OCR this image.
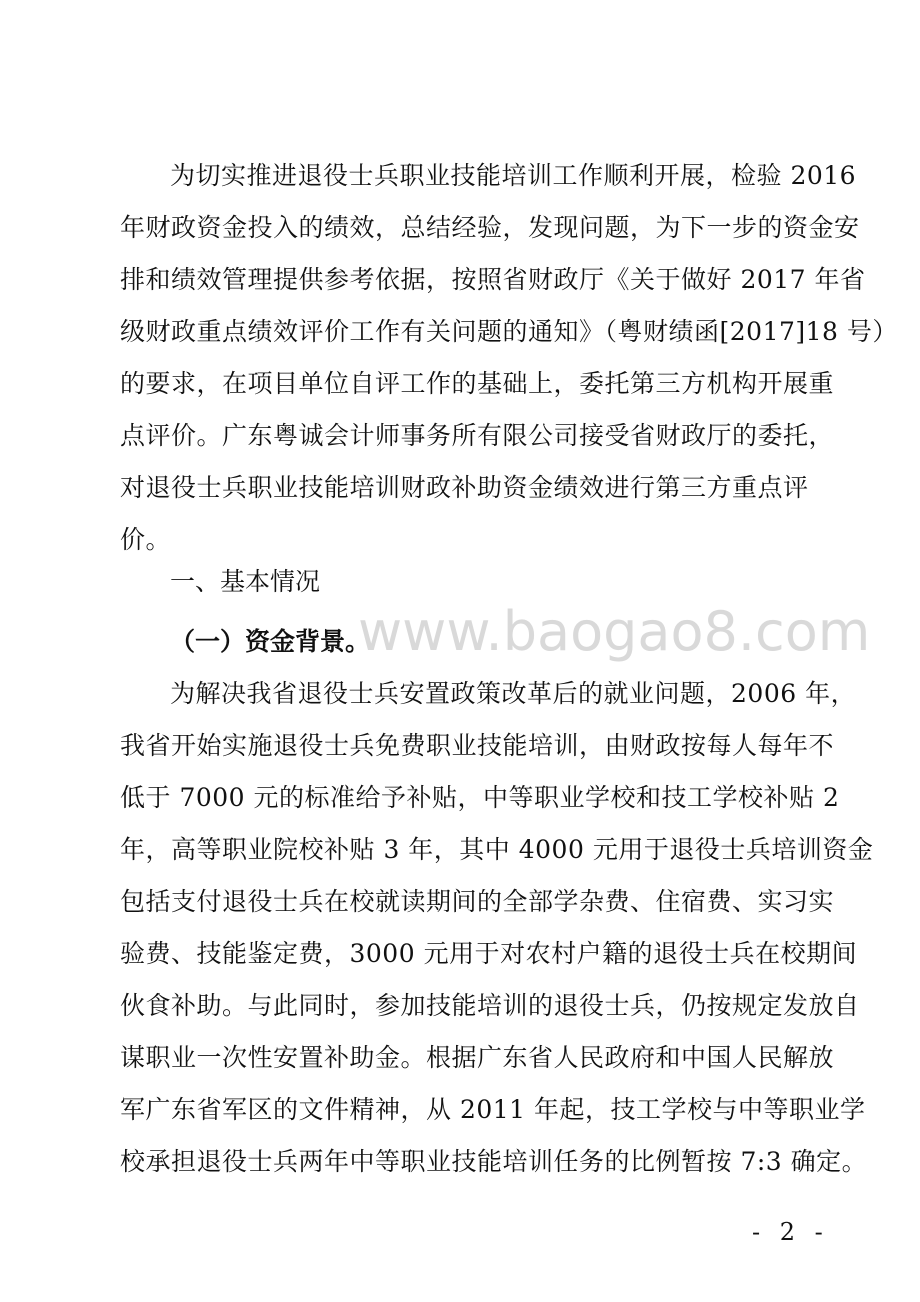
为切实推进退役士兵职业技能培训工作顺利开展，检验 2016
年财政资金投入的绩效，总结经验，发现问题，为下一步的资金安
排和绩效管理提供参考依据，按照省财政厅《关于做好 2017 年省
级财政重点绩效评价工作有关问题的通知》（粤财绩函[2017]18 号）
的要求，在项目单位自评工作的基础上，委托第三方机构开展重
点评价。广东粤诚会计师事务所有限公司接受省财政厅的委托，
对退役士兵职业技能培训财政补助资金绩效进行第三方重点评
价。
一、基本情况
（一）资金背景。
www.baogao8.com
为解决我省退役士兵安置政策改革后的就业问题，2006 年，
我省开始实施退役士兵免费职业技能培训，由财政按每人每年不
低于 7000 元的标准给予补贴，中等职业学校和技工学校补贴 2
年，高等职业院校补贴 3 年，其中 4000 元用于退役士兵培训资金
包括支付退役士兵在校就读期间的全部学杂费、住宿费、实习实
验费、技能鉴定费，3000 元用于对农村户籍的退役士兵在校期间
伙食补助。与此同时，参加技能培训的退役士兵，仍按规定发放自
谋职业一次性安置补助金。根据广东省人民政府和中国人民解放
军广东省军区的文件精神，从 2011 年起，技工学校与中等职业学
校承担退役士兵两年中等职业技能培训任务的比例暂按 7:3 确定。
- 2 -
